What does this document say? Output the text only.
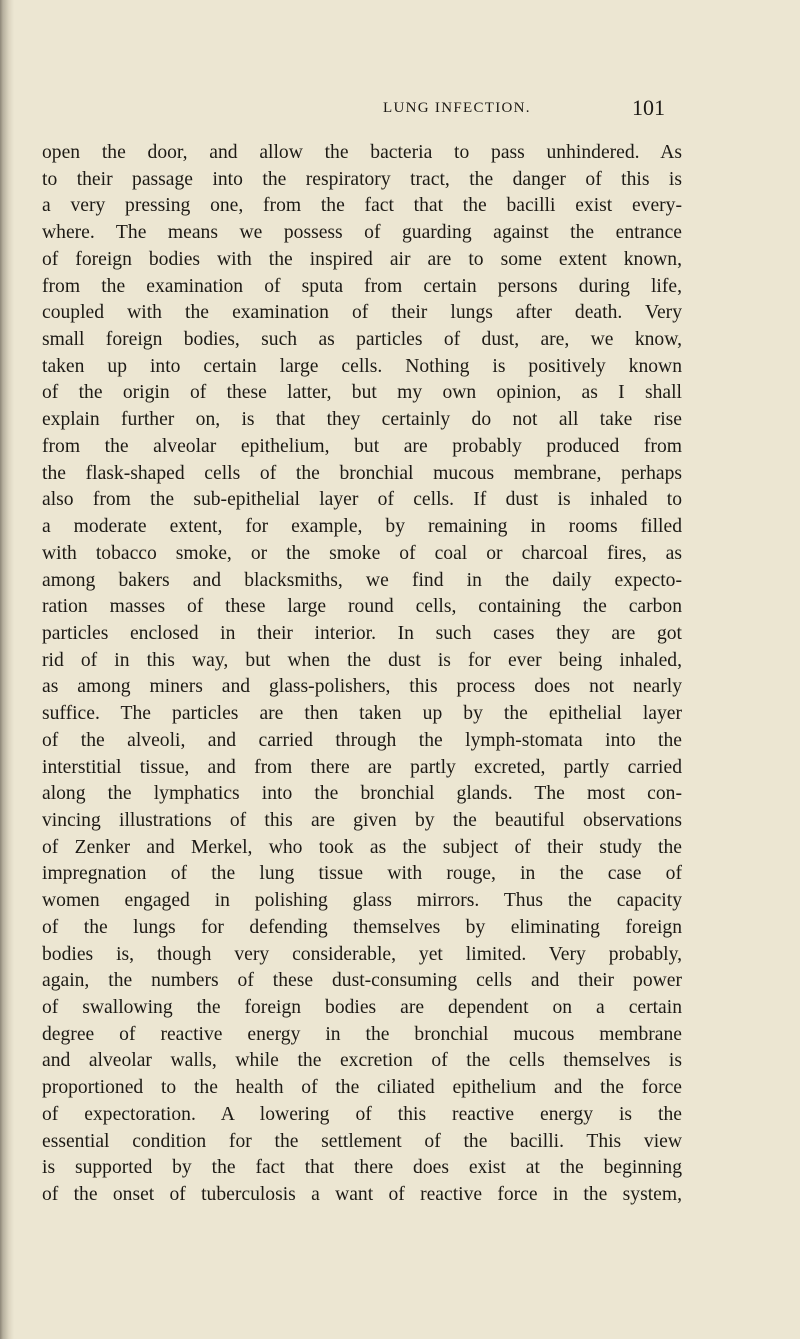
LUNG INFECTION.	101
open the door, and allow the bacteria to pass unhindered. As
to their passage into the respiratory tract, the danger of this is
a very pressing one, from the fact that the bacilli exist every-
where. The means we possess of guarding against the entrance
of foreign bodies with the inspired air are to some extent known,
from the examination of sputa from certain persons during life,
coupled with the examination of their lungs after death. Very
small foreign bodies, such as particles of dust, are, we know,
taken up into certain large cells. Nothing is positively known
of the origin of these latter, but my own opinion, as I shall
explain further on, is that they certainly do not all take rise
from the alveolar epithelium, but are probably produced from
the flask-shaped cells of the bronchial mucous membrane, perhaps
also from the sub-epithelial layer of cells. If dust is inhaled to
a moderate extent, for example, by remaining in rooms filled
with tobacco smoke, or the smoke of coal or charcoal fires, as
among bakers and blacksmiths, we find in the daily expecto-
ration masses of these large round cells, containing the carbon
particles enclosed in their interior. In such cases they are got
rid of in this way, but when the dust is for ever being inhaled,
as among miners and glass-polishers, this process does not nearly
suffice. The particles are then taken up by the epithelial layer
of the alveoli, and carried through the lymph-stomata into the
interstitial tissue, and from there are partly excreted, partly carried
along the lymphatics into the bronchial glands. The most con-
vincing illustrations of this are given by the beautiful observations
of Zenker and Merkel, who took as the subject of their study the
impregnation of the lung tissue with rouge, in the case of
women engaged in polishing glass mirrors. Thus the capacity
of the lungs for defending themselves by eliminating foreign
bodies is, though very considerable, yet limited. Very probably,
again, the numbers of these dust-consuming cells and their power
of swallowing the foreign bodies are dependent on a certain
degree of reactive energy in the bronchial mucous membrane
and alveolar walls, while the excretion of the cells themselves is
proportioned to the health of the ciliated epithelium and the force
of expectoration. A lowering of this reactive energy is the
essential condition for the settlement of the bacilli. This view
is supported by the fact that there does exist at the beginning
of the onset of tuberculosis a want of reactive force in the system,
